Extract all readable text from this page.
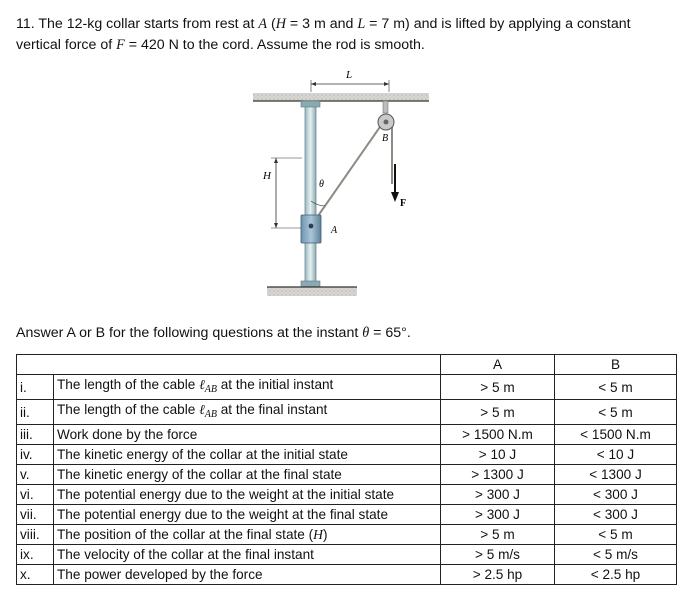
11. The 12-kg collar starts from rest at A (H = 3 m and L = 7 m) and is lifted by applying a constant vertical force of F = 420 N to the cord. Assume the rod is smooth.
L
B
F
H
θ
A
Answer A or B for the following questions at the instant θ = 65°.
		A	B
i.	The length of the cable ℓ$_{AB}$ at the initial instant	> 5 m	< 5 m
ii.	The length of the cable ℓ$_{AB}$ at the final instant	> 5 m	< 5 m
iii.	Work done by the force	> 1500 N.m	< 1500 N.m
iv.	The kinetic energy of the collar at the initial state	> 10 J	< 10 J
v.	The kinetic energy of the collar at the final state	> 1300 J	< 1300 J
vi.	The potential energy due to the weight at the initial state	> 300 J	< 300 J
vii.	The potential energy due to the weight at the final state	> 300 J	< 300 J
viii.	The position of the collar at the final state (H)	> 5 m	< 5 m
ix.	The velocity of the collar at the final instant	> 5 m/s	< 5 m/s
x.	The power developed by the force	> 2.5 hp	< 2.5 hp
